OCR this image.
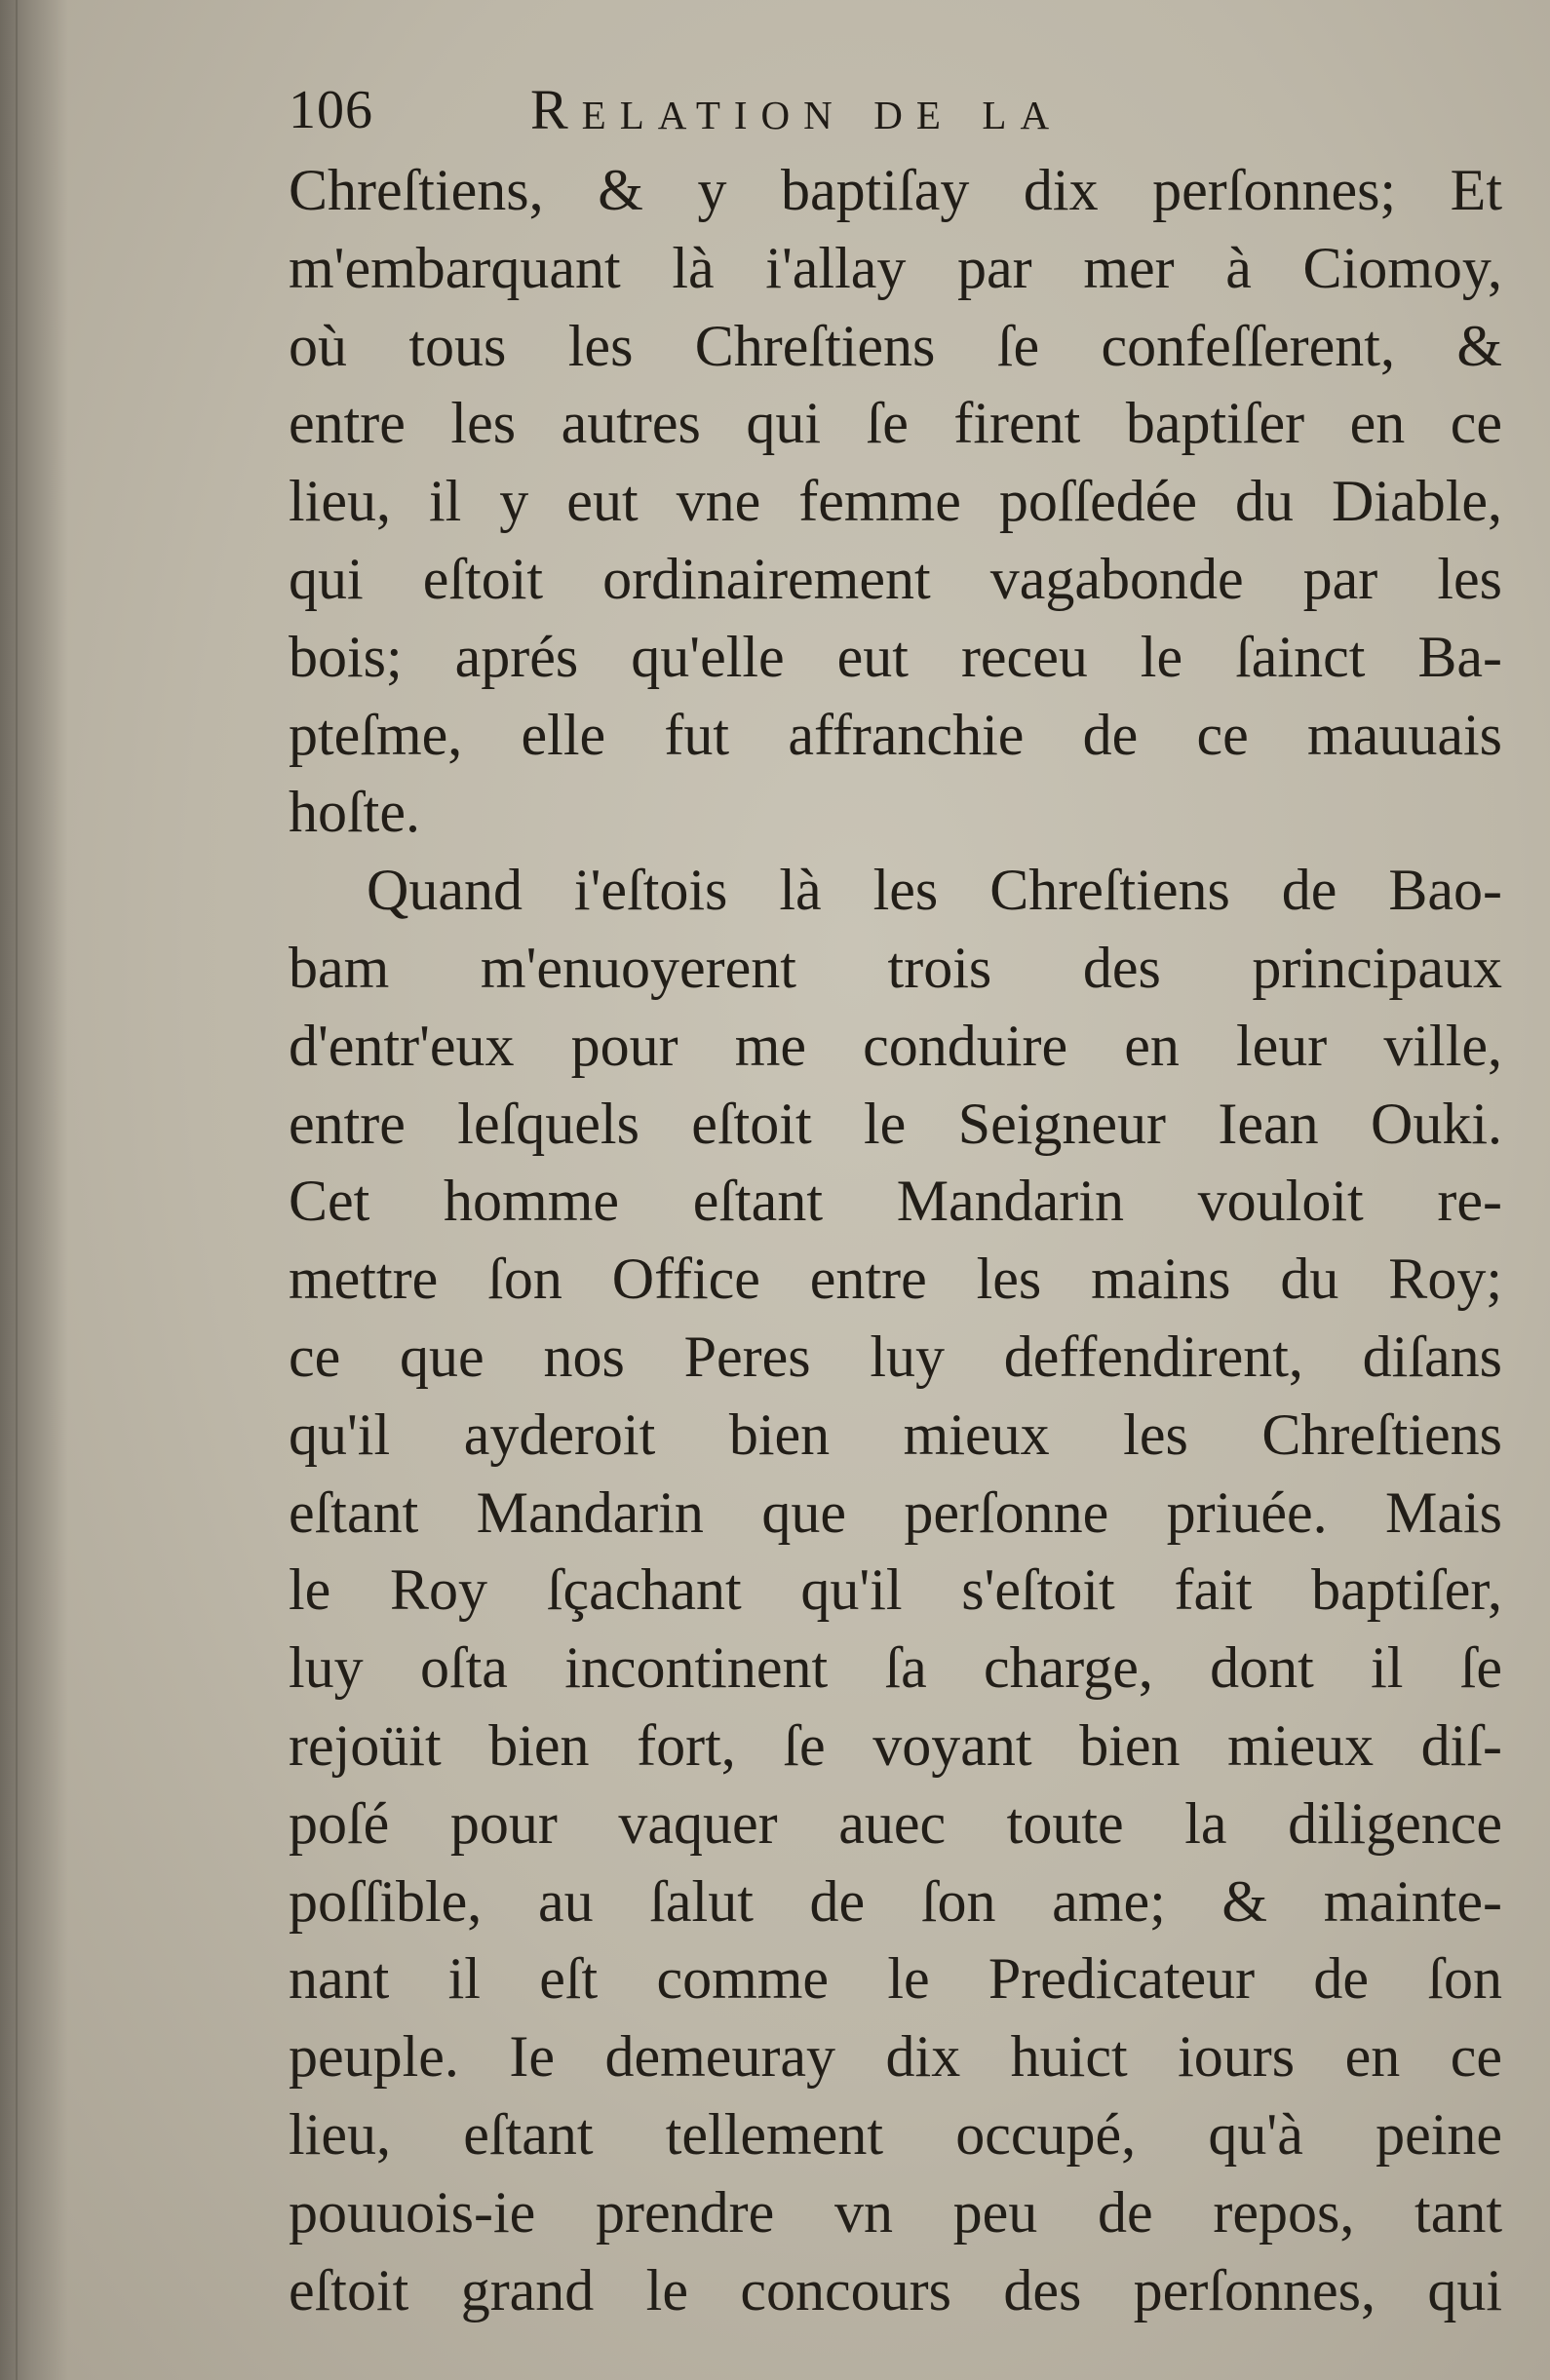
106	Relation de la
Chreſtiens, & y baptiſay dix perſonnes; Et
m'embarquant là i'allay par mer à Ciomoy,
où tous les Chreſtiens ſe confeſſerent, &
entre les autres qui ſe firent baptiſer en ce
lieu, il y eut vne femme poſſedée du Diable,
qui eſtoit ordinairement vagabonde par les
bois; aprés qu'elle eut receu le ſainct Ba-
pteſme, elle fut affranchie de ce mauuais
hoſte.
Quand i'eſtois là les Chreſtiens de Bao-
bam m'enuoyerent trois des principaux
d'entr'eux pour me conduire en leur ville,
entre leſquels eſtoit le Seigneur Iean Ouki.
Cet homme eſtant Mandarin vouloit re-
mettre ſon Office entre les mains du Roy;
ce que nos Peres luy deffendirent, diſans
qu'il ayderoit bien mieux les Chreſtiens
eſtant Mandarin que perſonne priuée. Mais
le Roy ſçachant qu'il s'eſtoit fait baptiſer,
luy oſta incontinent ſa charge, dont il ſe
rejoüit bien fort, ſe voyant bien mieux diſ-
poſé pour vaquer auec toute la diligence
poſſible, au ſalut de ſon ame; & mainte-
nant il eſt comme le Predicateur de ſon
peuple. Ie demeuray dix huict iours en ce
lieu, eſtant tellement occupé, qu'à peine
pouuois-ie prendre vn peu de repos, tant
eſtoit grand le concours des perſonnes, qui
